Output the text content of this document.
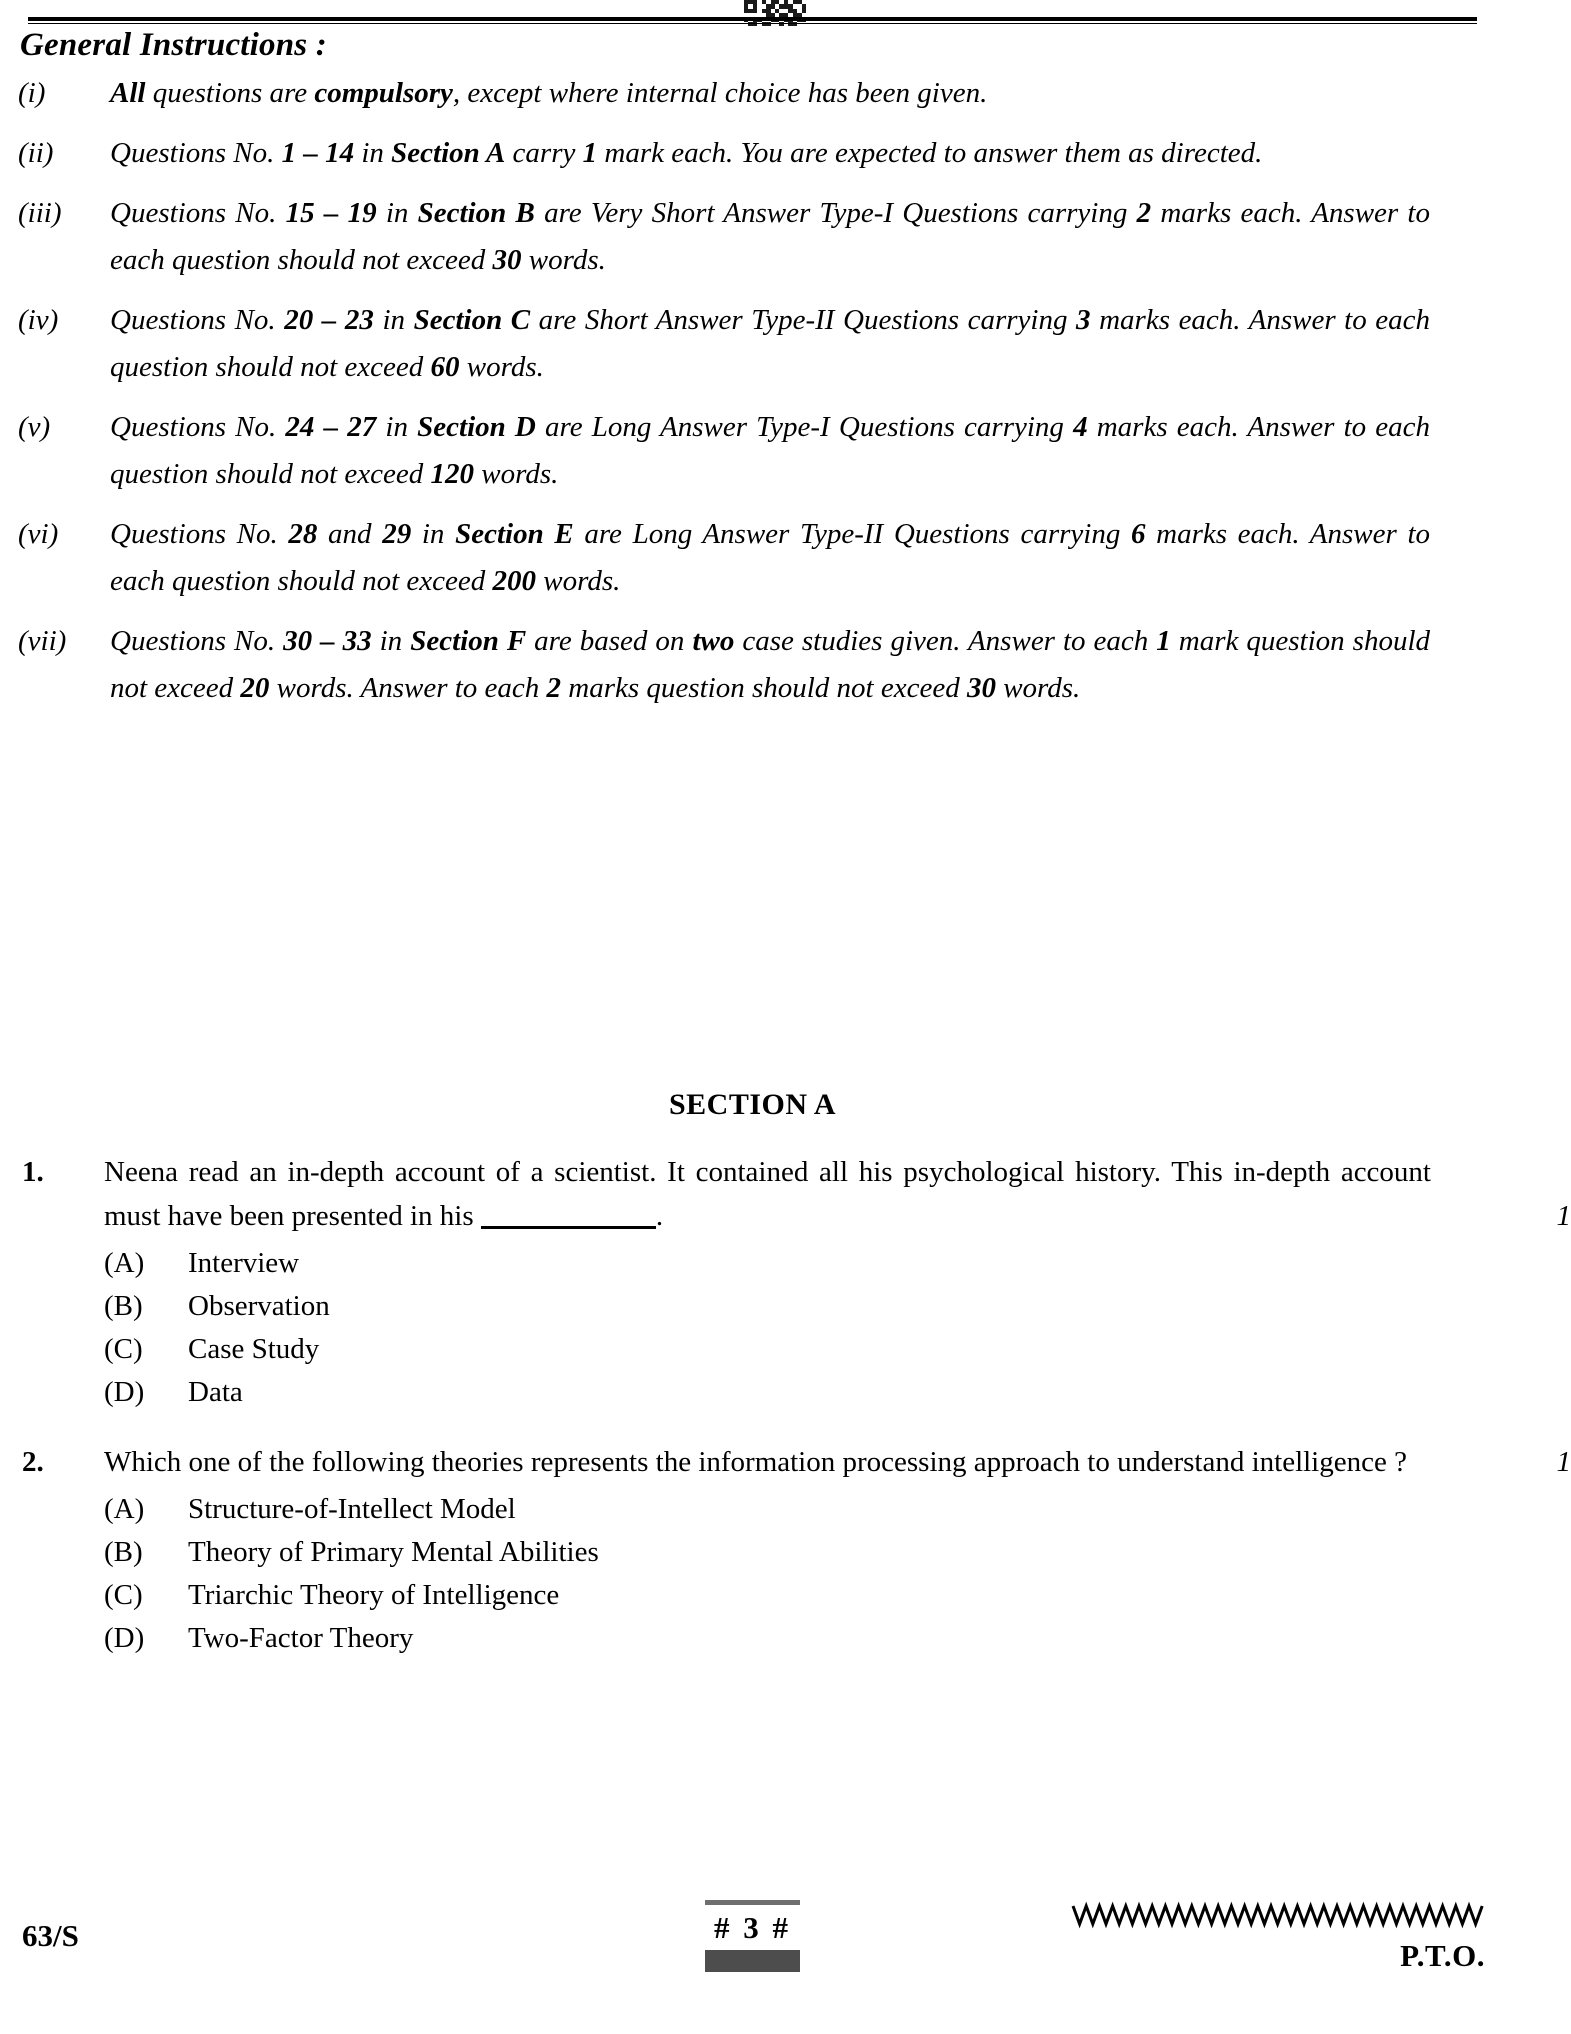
General Instructions :
(i)	All questions are compulsory, except where internal choice has been given.
(ii)	Questions No. 1 – 14 in Section A carry 1 mark each. You are expected to answer them as directed.
(iii)	Questions No. 15 – 19 in Section B are Very Short Answer Type-I Questions carrying 2 marks each. Answer to each question should not exceed 30 words.
(iv)	Questions No. 20 – 23 in Section C are Short Answer Type-II Questions carrying 3 marks each. Answer to each question should not exceed 60 words.
(v)	Questions No. 24 – 27 in Section D are Long Answer Type-I Questions carrying 4 marks each. Answer to each question should not exceed 120 words.
(vi)	Questions No. 28 and 29 in Section E are Long Answer Type-II Questions carrying 6 marks each. Answer to each question should not exceed 200 words.
(vii)	Questions No. 30 – 33 in Section F are based on two case studies given. Answer to each 1 mark question should not exceed 20 words. Answer to each 2 marks question should not exceed 30 words.
SECTION A
1.
1
Neena read an in-depth account of a scientist. It contained all his psychological history. This in-depth account must have been presented in his	.
(A)	Interview
(B)	Observation
(C)	Case Study
(D)	Data
2.	1
Which one of the following theories represents the information processing approach to understand intelligence ?
(A)	Structure-of-Intellect Model
(B)	Theory of Primary Mental Abilities
(C)	Triarchic Theory of Intelligence
(D)	Two-Factor Theory
63/S	# 3 #
P.T.O.
